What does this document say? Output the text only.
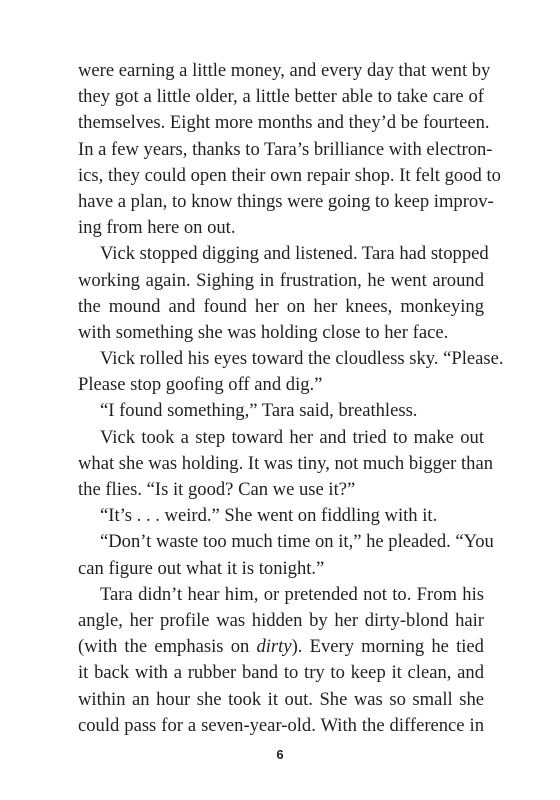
were earning a little money, and every day that went by
they got a little older, a little better able to take care of
themselves. Eight more months and they’d be fourteen.
In a few years, thanks to Tara’s brilliance with electron-
ics, they could open their own repair shop. It felt good to
have a plan, to know things were going to keep improv-
ing from here on out.
Vick stopped digging and listened. Tara had stopped
working again. Sighing in frustration, he went around
the mound and found her on her knees, monkeying
with something she was holding close to her face.
Vick rolled his eyes toward the cloudless sky. “Please.
Please stop goofing off and dig.”
“I found something,” Tara said, breathless.
Vick took a step toward her and tried to make out
what she was holding. It was tiny, not much bigger than
the flies. “Is it good? Can we use it?”
“It’s . . . weird.” She went on fiddling with it.
“Don’t waste too much time on it,” he pleaded. “You
can figure out what it is tonight.”
Tara didn’t hear him, or pretended not to. From his
angle, her profile was hidden by her dirty-blond hair
(with the emphasis on dirty). Every morning he tied
it back with a rubber band to try to keep it clean, and
within an hour she took it out. She was so small she
could pass for a seven-year-old. With the difference in
6
